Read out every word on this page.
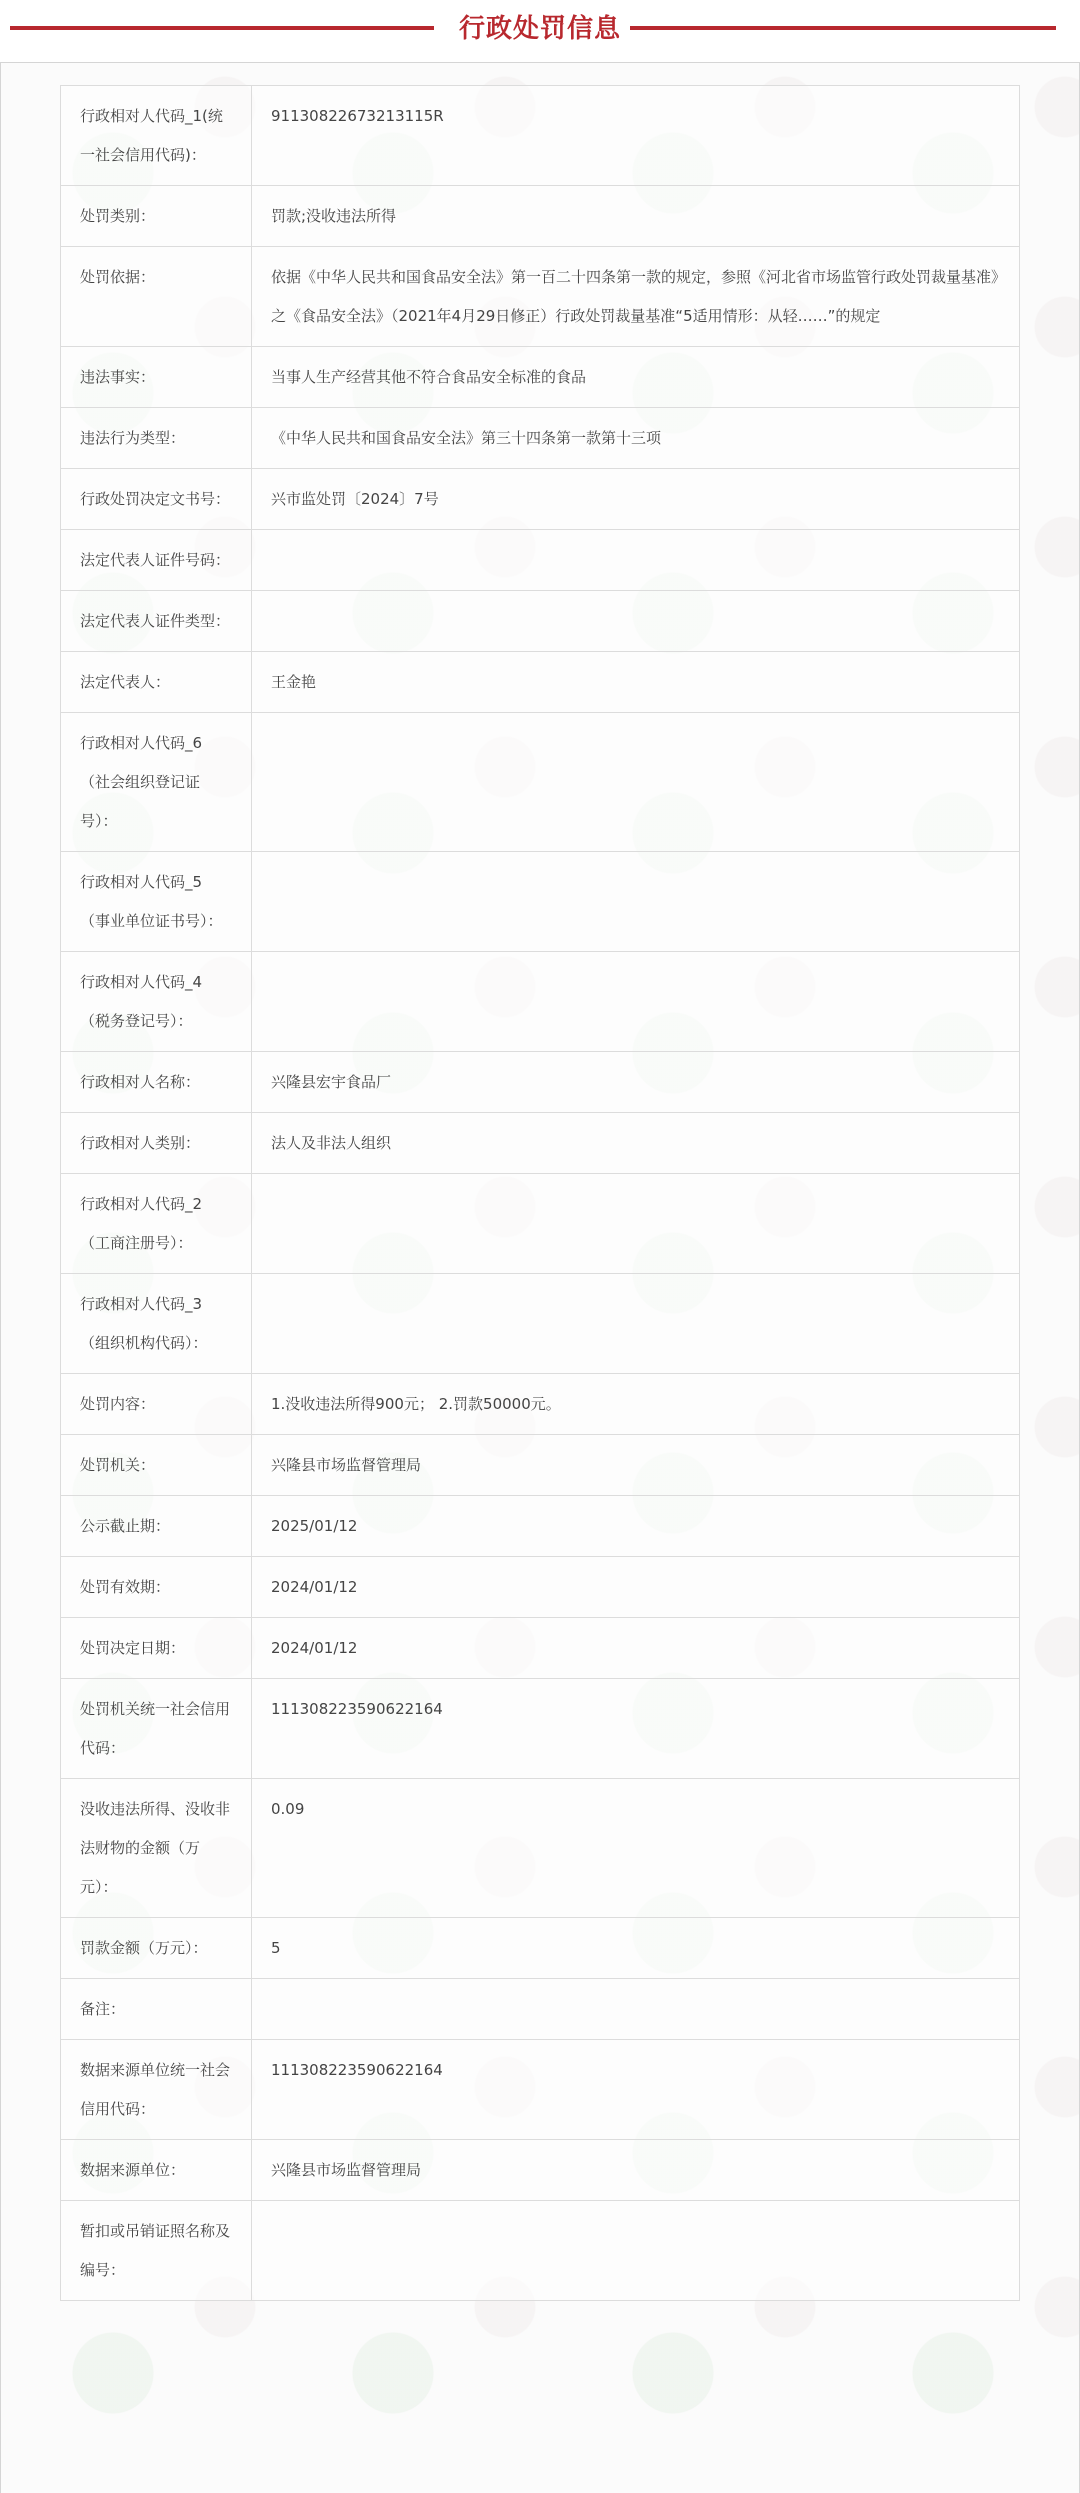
行政处罚信息
行政相对人代码_1(统一社会信用代码)：	91130822673213115R
处罚类别：	罚款;没收违法所得
处罚依据：	依据《中华人民共和国食品安全法》第一百二十四条第一款的规定，参照《河北省市场监管行政处罚裁量基准》之《食品安全法》（2021年4月29日修正）行政处罚裁量基准“5适用情形：从轻……”的规定
违法事实：	当事人生产经营其他不符合食品安全标准的食品
违法行为类型：	《中华人民共和国食品安全法》第三十四条第一款第十三项
行政处罚决定文书号：	兴市监处罚〔2024〕7号
法定代表人证件号码：	
法定代表人证件类型：	
法定代表人：	王金艳
行政相对人代码_6（社会组织登记证号）：	
行政相对人代码_5（事业单位证书号）：	
行政相对人代码_4（税务登记号）：	
行政相对人名称：	兴隆县宏宇食品厂
行政相对人类别：	法人及非法人组织
行政相对人代码_2（工商注册号）：	
行政相对人代码_3（组织机构代码）：	
处罚内容：	1.没收违法所得900元； 2.罚款50000元。
处罚机关：	兴隆县市场监督管理局
公示截止期：	2025/01/12
处罚有效期：	2024/01/12
处罚决定日期：	2024/01/12
处罚机关统一社会信用代码：	111308223590622164
没收违法所得、没收非法财物的金额（万元）：	0.09
罚款金额（万元）：	5
备注：	
数据来源单位统一社会信用代码：	111308223590622164
数据来源单位：	兴隆县市场监督管理局
暂扣或吊销证照名称及编号：	
